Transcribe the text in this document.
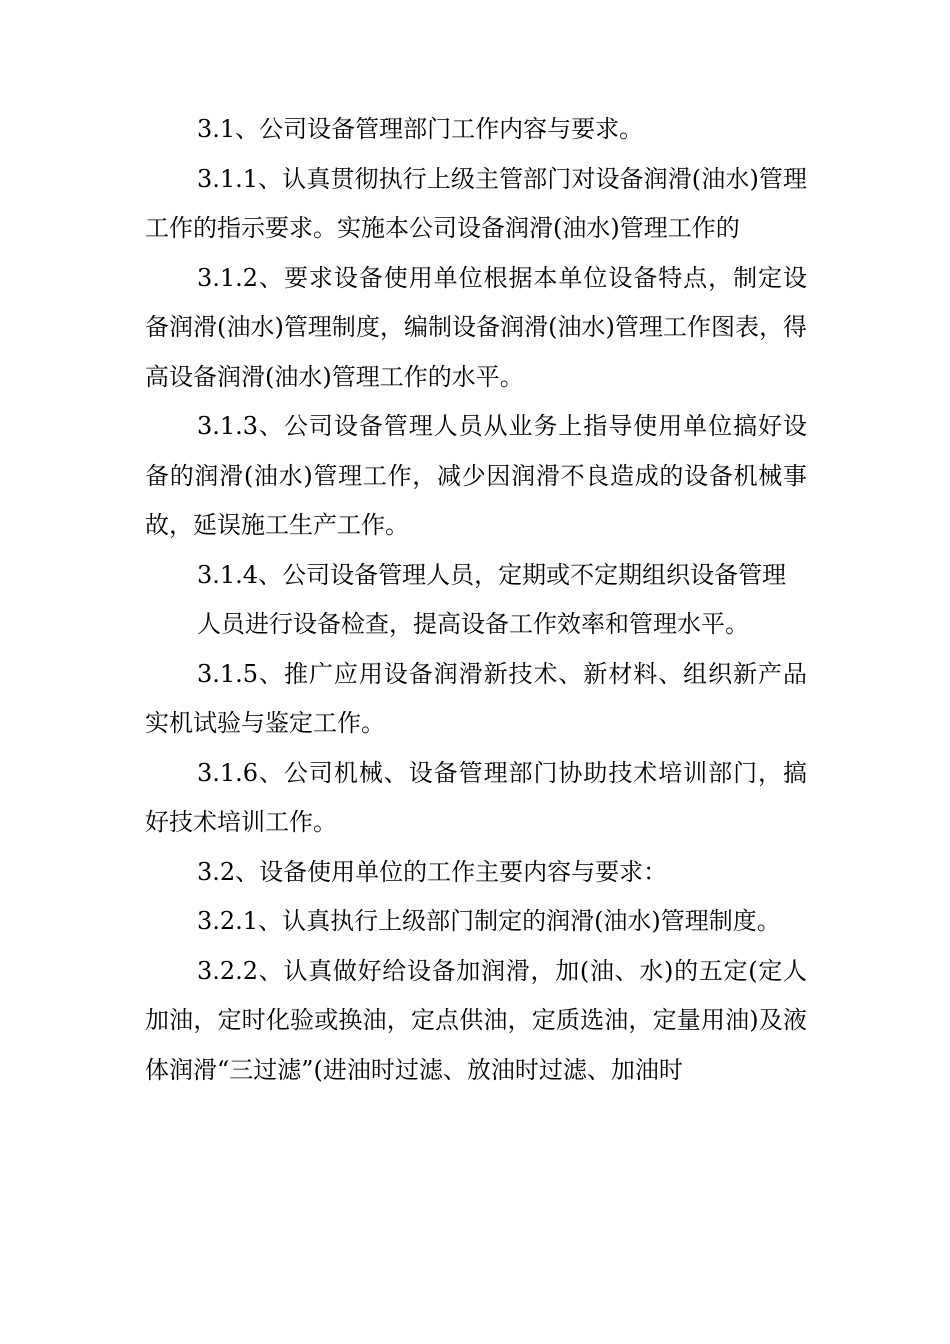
3.1、公司设备管理部门工作内容与要求。

3.1.1、认真贯彻执行上级主管部门对设备润滑(油水)管理工作的指示要求。实施本公司设备润滑(油水)管理工作的

3.1.2、要求设备使用单位根据本单位设备特点，制定设备润滑(油水)管理制度，编制设备润滑(油水)管理工作图表，得高设备润滑(油水)管理工作的水平。

3.1.3、公司设备管理人员从业务上指导使用单位搞好设备的润滑(油水)管理工作，减少因润滑不良造成的设备机械事故，延误施工生产工作。

3.1.4、公司设备管理人员，定期或不定期组织设备管理

人员进行设备检查，提高设备工作效率和管理水平。

3.1.5、推广应用设备润滑新技术、新材料、组织新产品实机试验与鉴定工作。

3.1.6、公司机械、设备管理部门协助技术培训部门，搞好技术培训工作。

3.2、设备使用单位的工作主要内容与要求：

3.2.1、认真执行上级部门制定的润滑(油水)管理制度。

3.2.2、认真做好给设备加润滑，加(油、水)的五定(定人加油，定时化验或换油，定点供油，定质选油，定量用油)及液体润滑“三过滤”(进油时过滤、放油时过滤、加油时
